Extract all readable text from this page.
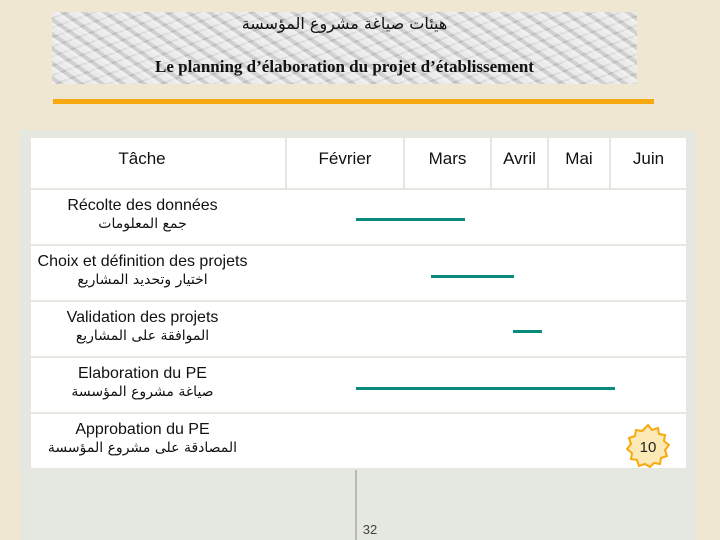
هيئات صياغة مشروع المؤسسة
Le planning d’élaboration du projet d’établissement
Tâche	Février	Mars	Avril	Mai	Juin
Récolte des données
جمع المعلومات
Choix et définition des projets
اختيار وتحديد المشاريع
Validation des projets
الموافقة على المشاريع
Elaboration du PE
صياغة مشروع المؤسسة
Approbation du PE
المصادقة على مشروع المؤسسة	10
32
